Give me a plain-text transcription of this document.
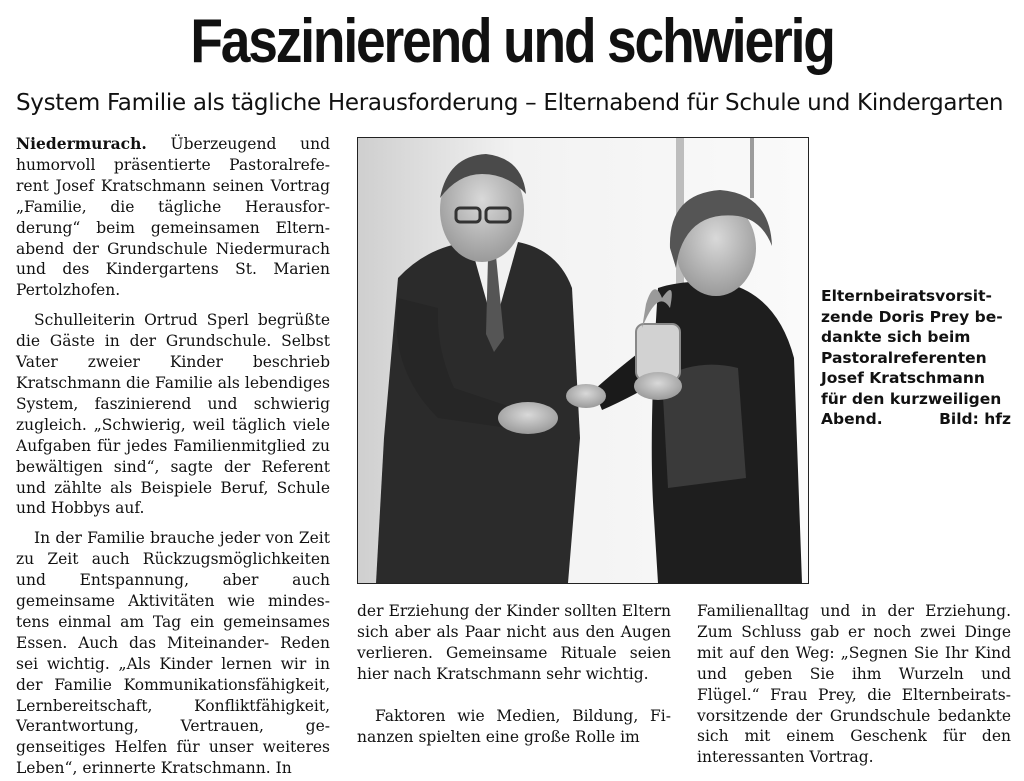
Faszinierend und schwierig
System Familie als tägliche Herausforderung – Elternabend für Schule und Kindergarten

Niedermurach. Überzeugend und humorvoll präsentierte Pastoralreferent Josef Kratschmann seinen Vortrag „Familie, die tägliche Herausforderung“ beim gemeinsamen Elternabend der Grundschule Niedermurach und des Kindergartens St. Marien Pertolzhofen.

Schulleiterin Ortrud Sperl begrüßte die Gäste in der Grundschule. Selbst Vater zweier Kinder beschrieb Kratschmann die Familie als lebendiges System, faszinierend und schwierig zugleich. „Schwierig, weil täglich viele Aufgaben für jedes Familienmitglied zu bewältigen sind“, sagte der Referent und zählte als Beispiele Beruf, Schule und Hobbys auf.

In der Familie brauche jeder von Zeit zu Zeit auch Rückzugsmöglichkeiten und Entspannung, aber auch gemeinsame Aktivitäten wie mindestens einmal am Tag ein gemeinsames Essen. Auch das Miteinander- Reden sei wichtig. „Als Kinder lernen wir in der Familie Kommunikationsfähigkeit, Lernbereitschaft, Konfliktfähigkeit, Verantwortung, Vertrauen, gegenseitiges Helfen für unser weiteres Leben“, erinnerte Kratschmann. In

Elternbeiratsvorsit-
zende Doris Prey be-
dankte sich beim
Pastoralreferenten
Josef Kratschmann
für den kurzweiligen
Abend.	Bild: hfz

der Erziehung der Kinder sollten Eltern sich aber als Paar nicht aus den Augen verlieren. Gemeinsame Rituale seien hier nach Kratschmann sehr wichtig.

Faktoren wie Medien, Bildung, Finanzen spielten eine große Rolle im

Familienalltag und in der Erziehung. Zum Schluss gab er noch zwei Dinge mit auf den Weg: „Segnen Sie Ihr Kind und geben Sie ihm Wurzeln und Flügel.“ Frau Prey, die Elternbeiratsvorsitzende der Grundschule bedankte sich mit einem Geschenk für den interessanten Vortrag.
